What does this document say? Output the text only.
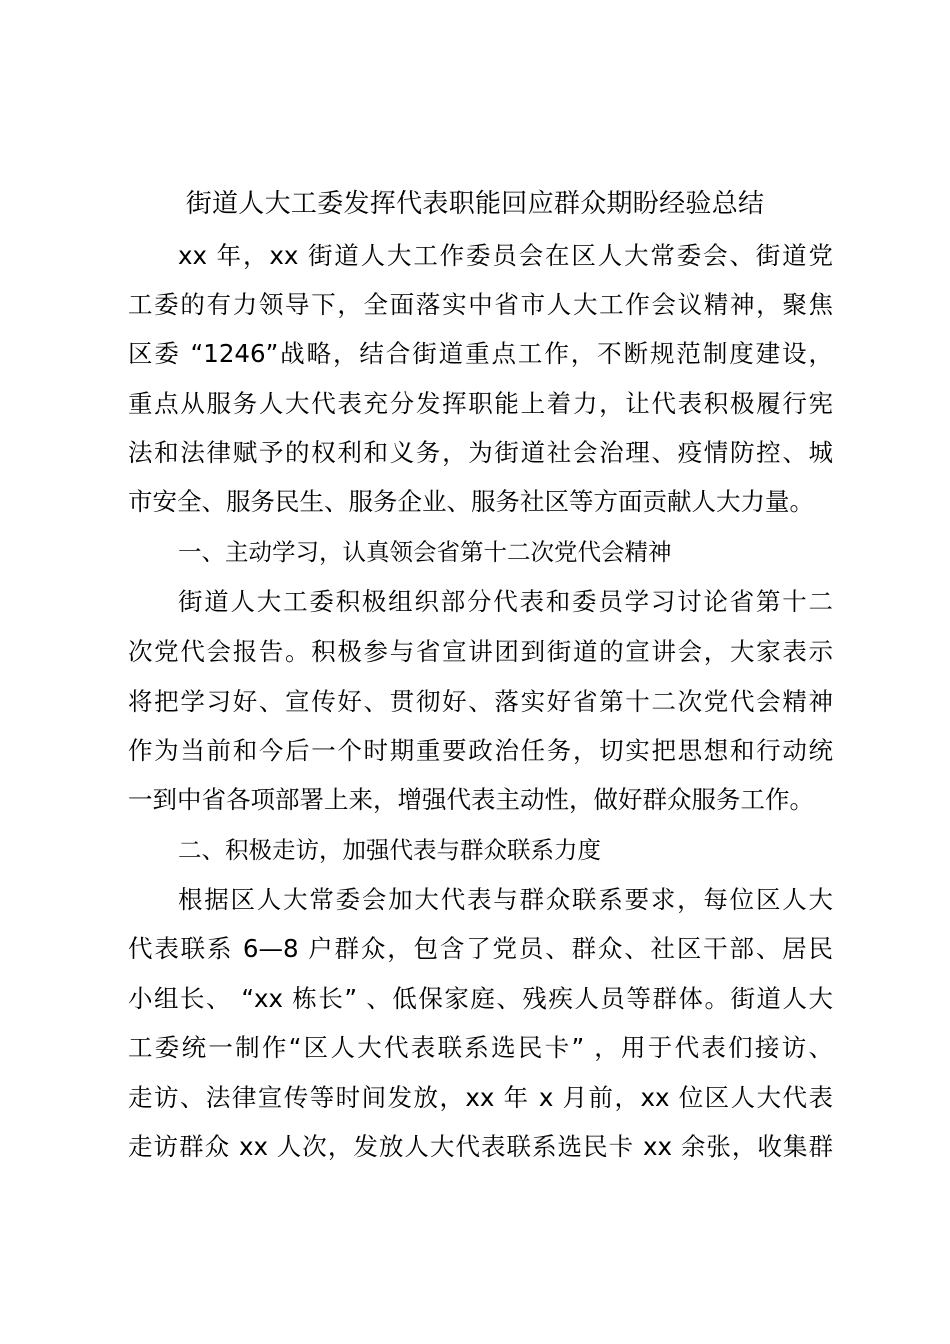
街道人大工委发挥代表职能回应群众期盼经验总结
xx 年，xx 街道人大工作委员会在区人大常委会、街道党
工委的有力领导下，全面落实中省市人大工作会议精神，聚焦
区委 “1246”战略，结合街道重点工作，不断规范制度建设，
重点从服务人大代表充分发挥职能上着力，让代表积极履行宪
法和法律赋予的权利和义务，为街道社会治理、疫情防控、城
市安全、服务民生、服务企业、服务社区等方面贡献人大力量。
一、主动学习，认真领会省第十二次党代会精神
街道人大工委积极组织部分代表和委员学习讨论省第十二
次党代会报告。积极参与省宣讲团到街道的宣讲会，大家表示
将把学习好、宣传好、贯彻好、落实好省第十二次党代会精神
作为当前和今后一个时期重要政治任务，切实把思想和行动统
一到中省各项部署上来，增强代表主动性，做好群众服务工作。
二、积极走访，加强代表与群众联系力度
根据区人大常委会加大代表与群众联系要求，每位区人大
代表联系 6—8 户群众，包含了党员、群众、社区干部、居民
小组长、 “xx 栋长” 、低保家庭、残疾人员等群体。街道人大
工委统一制作“区人大代表联系选民卡” ，用于代表们接访、
走访、法律宣传等时间发放，xx 年 x 月前，xx 位区人大代表
走访群众 xx 人次，发放人大代表联系选民卡 xx 余张，收集群
